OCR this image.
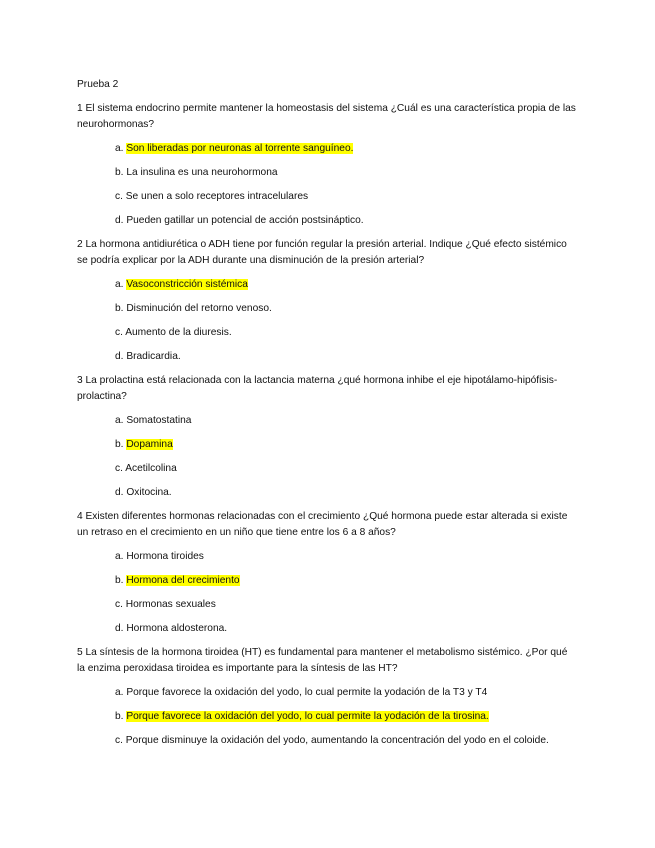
Prueba 2
1 El sistema endocrino permite mantener la homeostasis del sistema ¿Cuál es una característica propia de las neurohormonas?
a. Son liberadas por neuronas al torrente sanguíneo.
b. La insulina es una neurohormona
c. Se unen a solo receptores intracelulares
d. Pueden gatillar un potencial de acción postsináptico.
2 La hormona antidiurética o ADH tiene por función regular la presión arterial. Indique ¿Qué efecto sistémico se podría explicar por la ADH durante una disminución de la presión arterial?
a. Vasoconstricción sistémica
b. Disminución del retorno venoso.
c. Aumento de la diuresis.
d. Bradicardia.
3 La prolactina está relacionada con la lactancia materna ¿qué hormona inhibe el eje hipotálamo-hipófisis- prolactina?
a. Somatostatina
b. Dopamina
c. Acetilcolina
d. Oxitocina.
4 Existen diferentes hormonas relacionadas con el crecimiento ¿Qué hormona puede estar alterada si existe un retraso en el crecimiento en un niño que tiene entre los 6 a 8 años?
a. Hormona tiroides
b. Hormona del crecimiento
c. Hormonas sexuales
d. Hormona aldosterona.
5 La síntesis de la hormona tiroidea (HT) es fundamental para mantener el metabolismo sistémico. ¿Por qué la enzima peroxidasa tiroidea es importante para la síntesis de las HT?
a. Porque favorece la oxidación del yodo, lo cual permite la yodación de la T3 y T4
b. Porque favorece la oxidación del yodo, lo cual permite la yodación de la tirosina.
c. Porque disminuye la oxidación del yodo, aumentando la concentración del yodo en el coloide.
